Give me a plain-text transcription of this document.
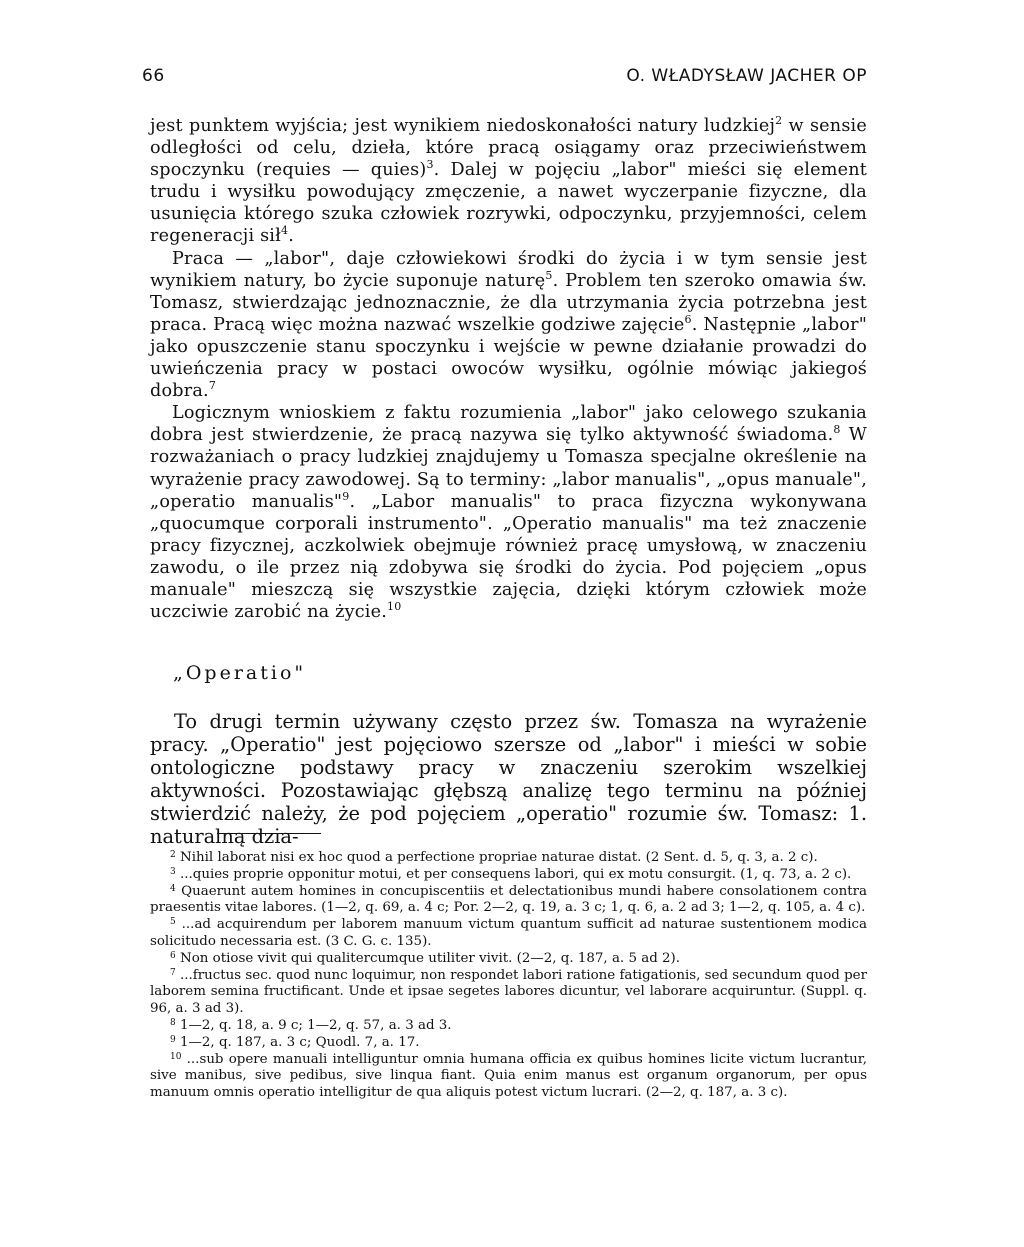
66	O. WŁADYSŁAW JACHER OP

jest punktem wyjścia; jest wynikiem niedoskonałości natury ludzkiej$^2$ w sensie odległości od celu, dzieła, które pracą osiągamy oraz przeciwieństwem spoczynku (requies — quies)$^3$. Dalej w pojęciu „labor" mieści się element trudu i wysiłku powodujący zmęczenie, a nawet wyczerpanie fizyczne, dla usunięcia którego szuka człowiek rozrywki, odpoczynku, przyjemności, celem regeneracji sił$^4$.

Praca — „labor", daje człowiekowi środki do życia i w tym sensie jest wynikiem natury, bo życie suponuje naturę$^5$. Problem ten szeroko omawia św. Tomasz, stwierdzając jednoznacznie, że dla utrzymania życia potrzebna jest praca. Pracą więc można nazwać wszelkie godziwe zajęcie$^6$. Następnie „labor" jako opuszczenie stanu spoczynku i wejście w pewne działanie prowadzi do uwieńczenia pracy w postaci owoców wysiłku, ogólnie mówiąc jakiegoś dobra.$^7$

Logicznym wnioskiem z faktu rozumienia „labor" jako celowego szukania dobra jest stwierdzenie, że pracą nazywa się tylko aktywność świadoma.$^8$ W rozważaniach o pracy ludzkiej znajdujemy u Tomasza specjalne określenie na wyrażenie pracy zawodowej. Są to terminy: „labor manualis", „opus manuale", „operatio manualis"$^9$. „Labor manualis" to praca fizyczna wykonywana „quocumque corporali instrumento". „Operatio manualis" ma też znaczenie pracy fizycznej, aczkolwiek obejmuje również pracę umysłową, w znaczeniu zawodu, o ile przez nią zdobywa się środki do życia. Pod pojęciem „opus manuale" mieszczą się wszystkie zajęcia, dzięki którym człowiek może uczciwie zarobić na życie.$^{10}$

„Operatio"

To drugi termin używany często przez św. Tomasza na wyrażenie pracy. „Operatio" jest pojęciowo szersze od „labor" i mieści w sobie ontologiczne podstawy pracy w znaczeniu szerokim wszelkiej aktywności. Pozostawiając głębszą analizę tego terminu na później stwierdzić należy, że pod pojęciem „operatio" rozumie św. Tomasz: 1. naturalną dzia-

$^2$ Nihil laborat nisi ex hoc quod a perfectione propriae naturae distat. (2 Sent. d. 5, q. 3, a. 2 c).

$^3$ ...quies proprie opponitur motui, et per consequens labori, qui ex motu consurgit. (1, q. 73, a. 2 c).

$^4$ Quaerunt autem homines in concupiscentiis et delectationibus mundi habere consolationem contra praesentis vitae labores. (1—2, q. 69, a. 4 c; Por. 2—2, q. 19, a. 3 c; 1, q. 6, a. 2 ad 3; 1—2, q. 105, a. 4 c).

$^5$ ...ad acquirendum per laborem manuum victum quantum sufficit ad naturae sustentionem modica solicitudo necessaria est. (3 C. G. c. 135).

$^6$ Non otiose vivit qui qualitercumque utiliter vivit. (2—2, q. 187, a. 5 ad 2).

$^7$ ...fructus sec. quod nunc loquimur, non respondet labori ratione fatigationis, sed secundum quod per laborem semina fructificant. Unde et ipsae segetes labores dicuntur, vel laborare acquiruntur. (Suppl. q. 96, a. 3 ad 3).

$^8$ 1—2, q. 18, a. 9 c; 1—2, q. 57, a. 3 ad 3.

$^9$ 1—2, q. 187, a. 3 c; Quodl. 7, a. 17.

$^{10}$ ...sub opere manuali intelliguntur omnia humana officia ex quibus homines licite victum lucrantur, sive manibus, sive pedibus, sive linqua fiant. Quia enim manus est organum organorum, per opus manuum omnis operatio intelligitur de qua aliquis potest victum lucrari. (2—2, q. 187, a. 3 c).
